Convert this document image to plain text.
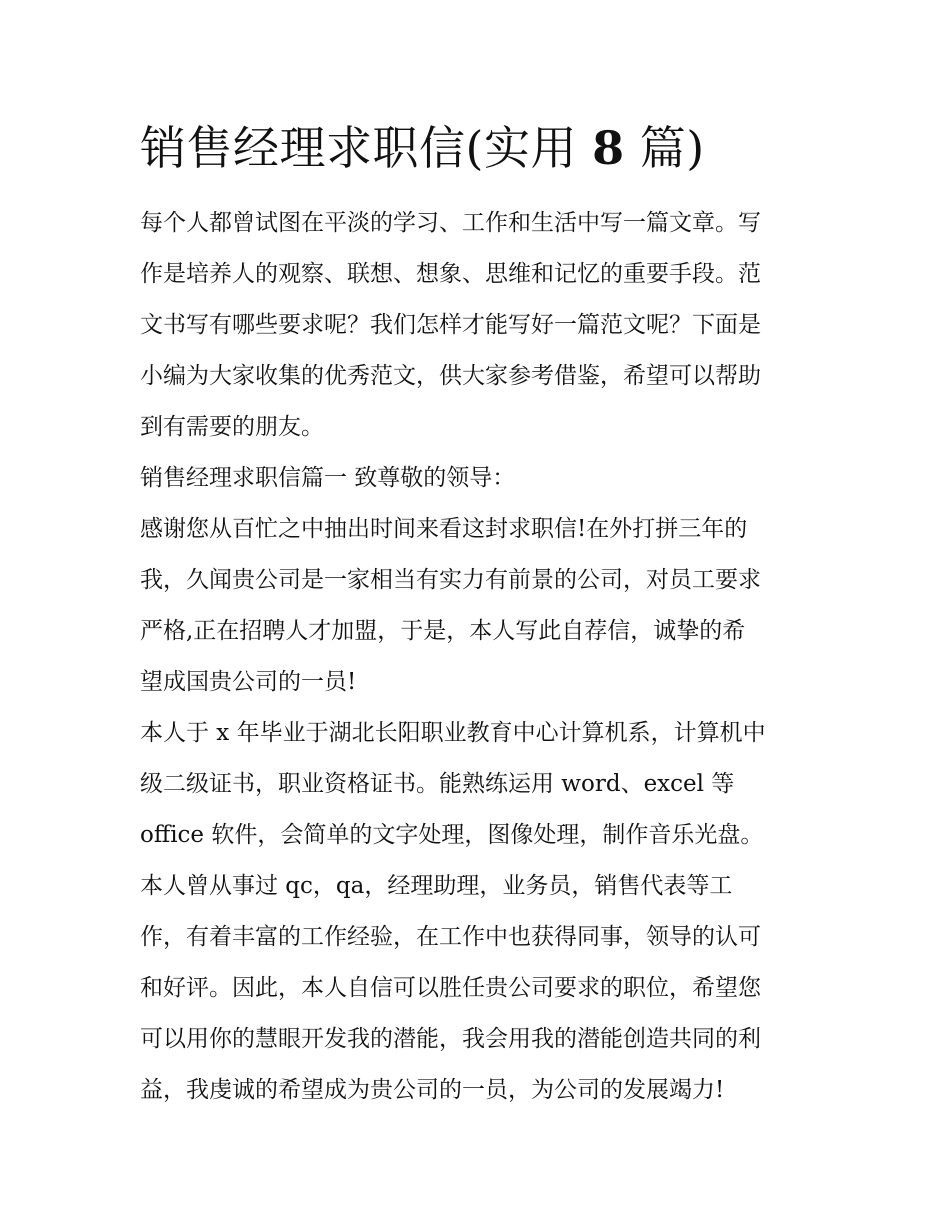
销售经理求职信(实用 8 篇)
每个人都曾试图在平淡的学习、工作和生活中写一篇文章。写
作是培养人的观察、联想、想象、思维和记忆的重要手段。范
文书写有哪些要求呢？我们怎样才能写好一篇范文呢？下面是
小编为大家收集的优秀范文，供大家参考借鉴，希望可以帮助
到有需要的朋友。
销售经理求职信篇一 致尊敬的领导：
感谢您从百忙之中抽出时间来看这封求职信!在外打拼三年的
我，久闻贵公司是一家相当有实力有前景的公司，对员工要求
严格,正在招聘人才加盟，于是，本人写此自荐信，诚挚的希
望成国贵公司的一员!
本人于 x 年毕业于湖北长阳职业教育中心计算机系，计算机中
级二级证书，职业资格证书。能熟练运用 word、excel 等
office 软件，会简单的文字处理，图像处理，制作音乐光盘。
本人曾从事过 qc，qa，经理助理，业务员，销售代表等工
作，有着丰富的工作经验，在工作中也获得同事，领导的认可
和好评。因此，本人自信可以胜任贵公司要求的职位，希望您
可以用你的慧眼开发我的潜能，我会用我的潜能创造共同的利
益，我虔诚的希望成为贵公司的一员，为公司的发展竭力!
